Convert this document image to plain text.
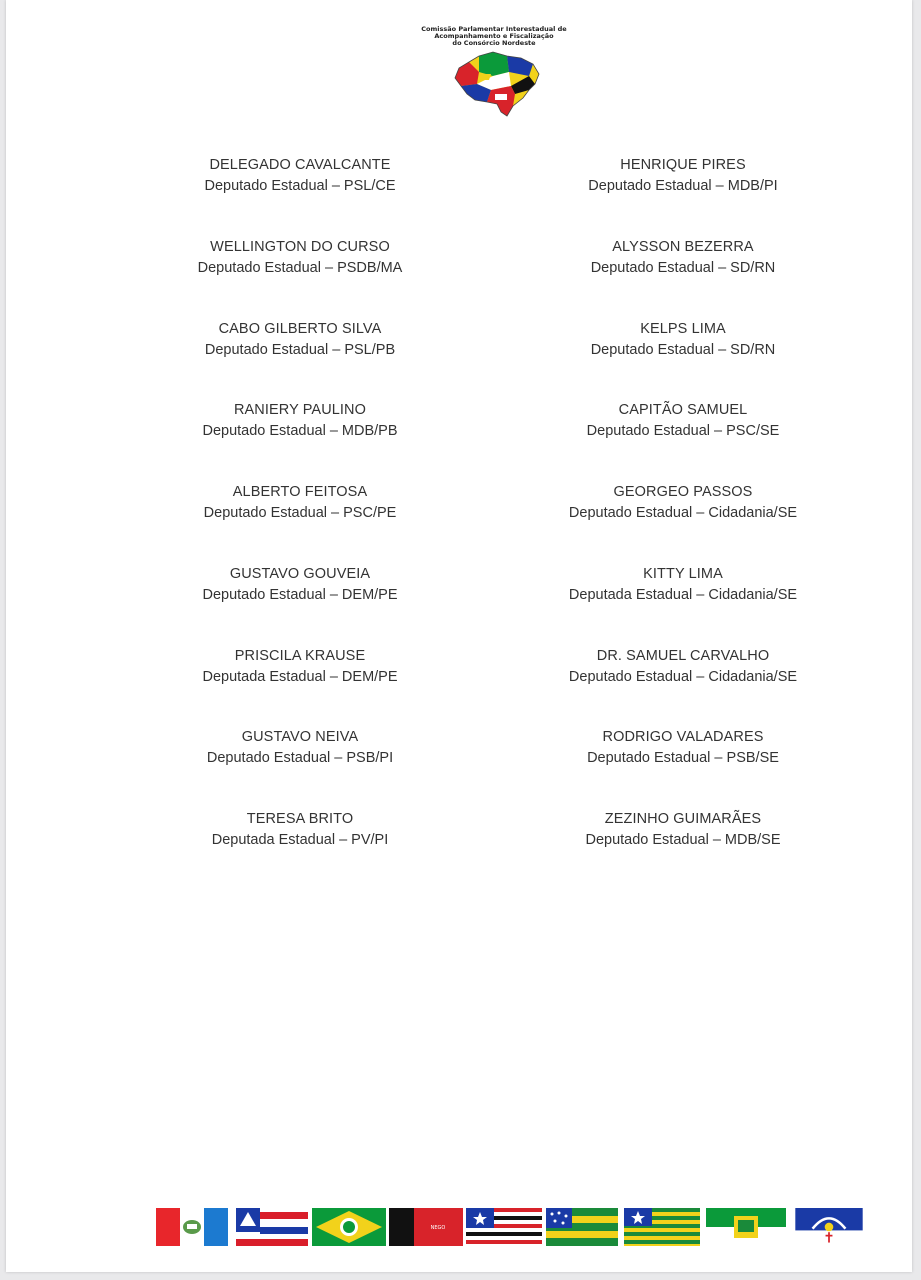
Comissão Parlamentar Interestadual de
Acompanhamento e Fiscalização
do Consórcio Nordeste
DELEGADO CAVALCANTE
Deputado Estadual – PSL/CE
WELLINGTON DO CURSO
Deputado Estadual – PSDB/MA
CABO GILBERTO SILVA
Deputado Estadual – PSL/PB
RANIERY PAULINO
Deputado Estadual – MDB/PB
ALBERTO FEITOSA
Deputado Estadual – PSC/PE
GUSTAVO GOUVEIA
Deputado Estadual – DEM/PE
PRISCILA KRAUSE
Deputada Estadual – DEM/PE
GUSTAVO NEIVA
Deputado Estadual – PSB/PI
TERESA BRITO
Deputada Estadual – PV/PI
HENRIQUE PIRES
Deputado Estadual – MDB/PI
ALYSSON BEZERRA
Deputado Estadual – SD/RN
KELPS LIMA
Deputado Estadual – SD/RN
CAPITÃO SAMUEL
Deputado Estadual – PSC/SE
GEORGEO PASSOS
Deputado Estadual – Cidadania/SE
KITTY LIMA
Deputada Estadual – Cidadania/SE
DR. SAMUEL CARVALHO
Deputado Estadual – Cidadania/SE
RODRIGO VALADARES
Deputado Estadual – PSB/SE
ZEZINHO GUIMARÃES
Deputado Estadual – MDB/SE
NEGO
